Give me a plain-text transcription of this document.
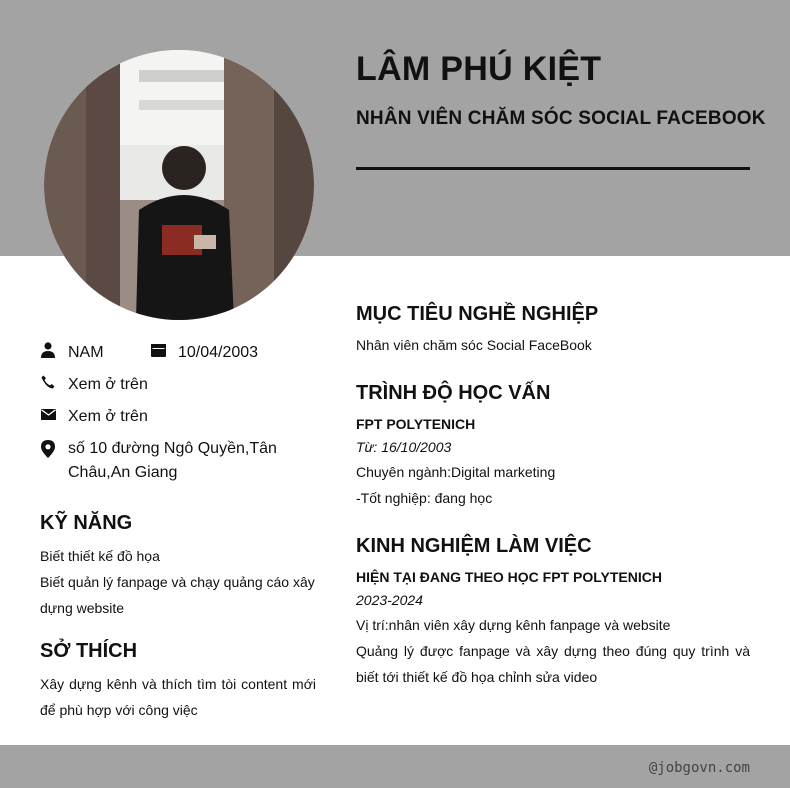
LÂM PHÚ KIỆT
NHÂN VIÊN CHĂM SÓC SOCIAL FACEBOOK
NAM	10/04/2003
Xem ở trên
Xem ở trên
số 10 đường Ngô Quyền,Tân Châu,An Giang
KỸ NĂNG

Biết thiết kế đồ họa

Biết quản lý fanpage và chạy quảng cáo xây dựng website

SỞ THÍCH

Xây dựng kênh và thích tìm tòi content mới để phù hợp với công việc

MỤC TIÊU NGHỀ NGHIỆP

Nhân viên chăm sóc Social FaceBook

TRÌNH ĐỘ HỌC VẤN

FPT POLYTENICH

Từ: 16/10/2003

Chuyên ngành:Digital marketing

-Tốt nghiệp: đang học

KINH NGHIỆM LÀM VIỆC

HIỆN TẠI ĐANG THEO HỌC FPT POLYTENICH

2023-2024

Vị trí:nhân viên xây dựng kênh fanpage và website

Quảng lý được fanpage và xây dựng theo đúng quy trình và biết tới thiết kế đồ họa chỉnh sửa video

@jobgovn.com
